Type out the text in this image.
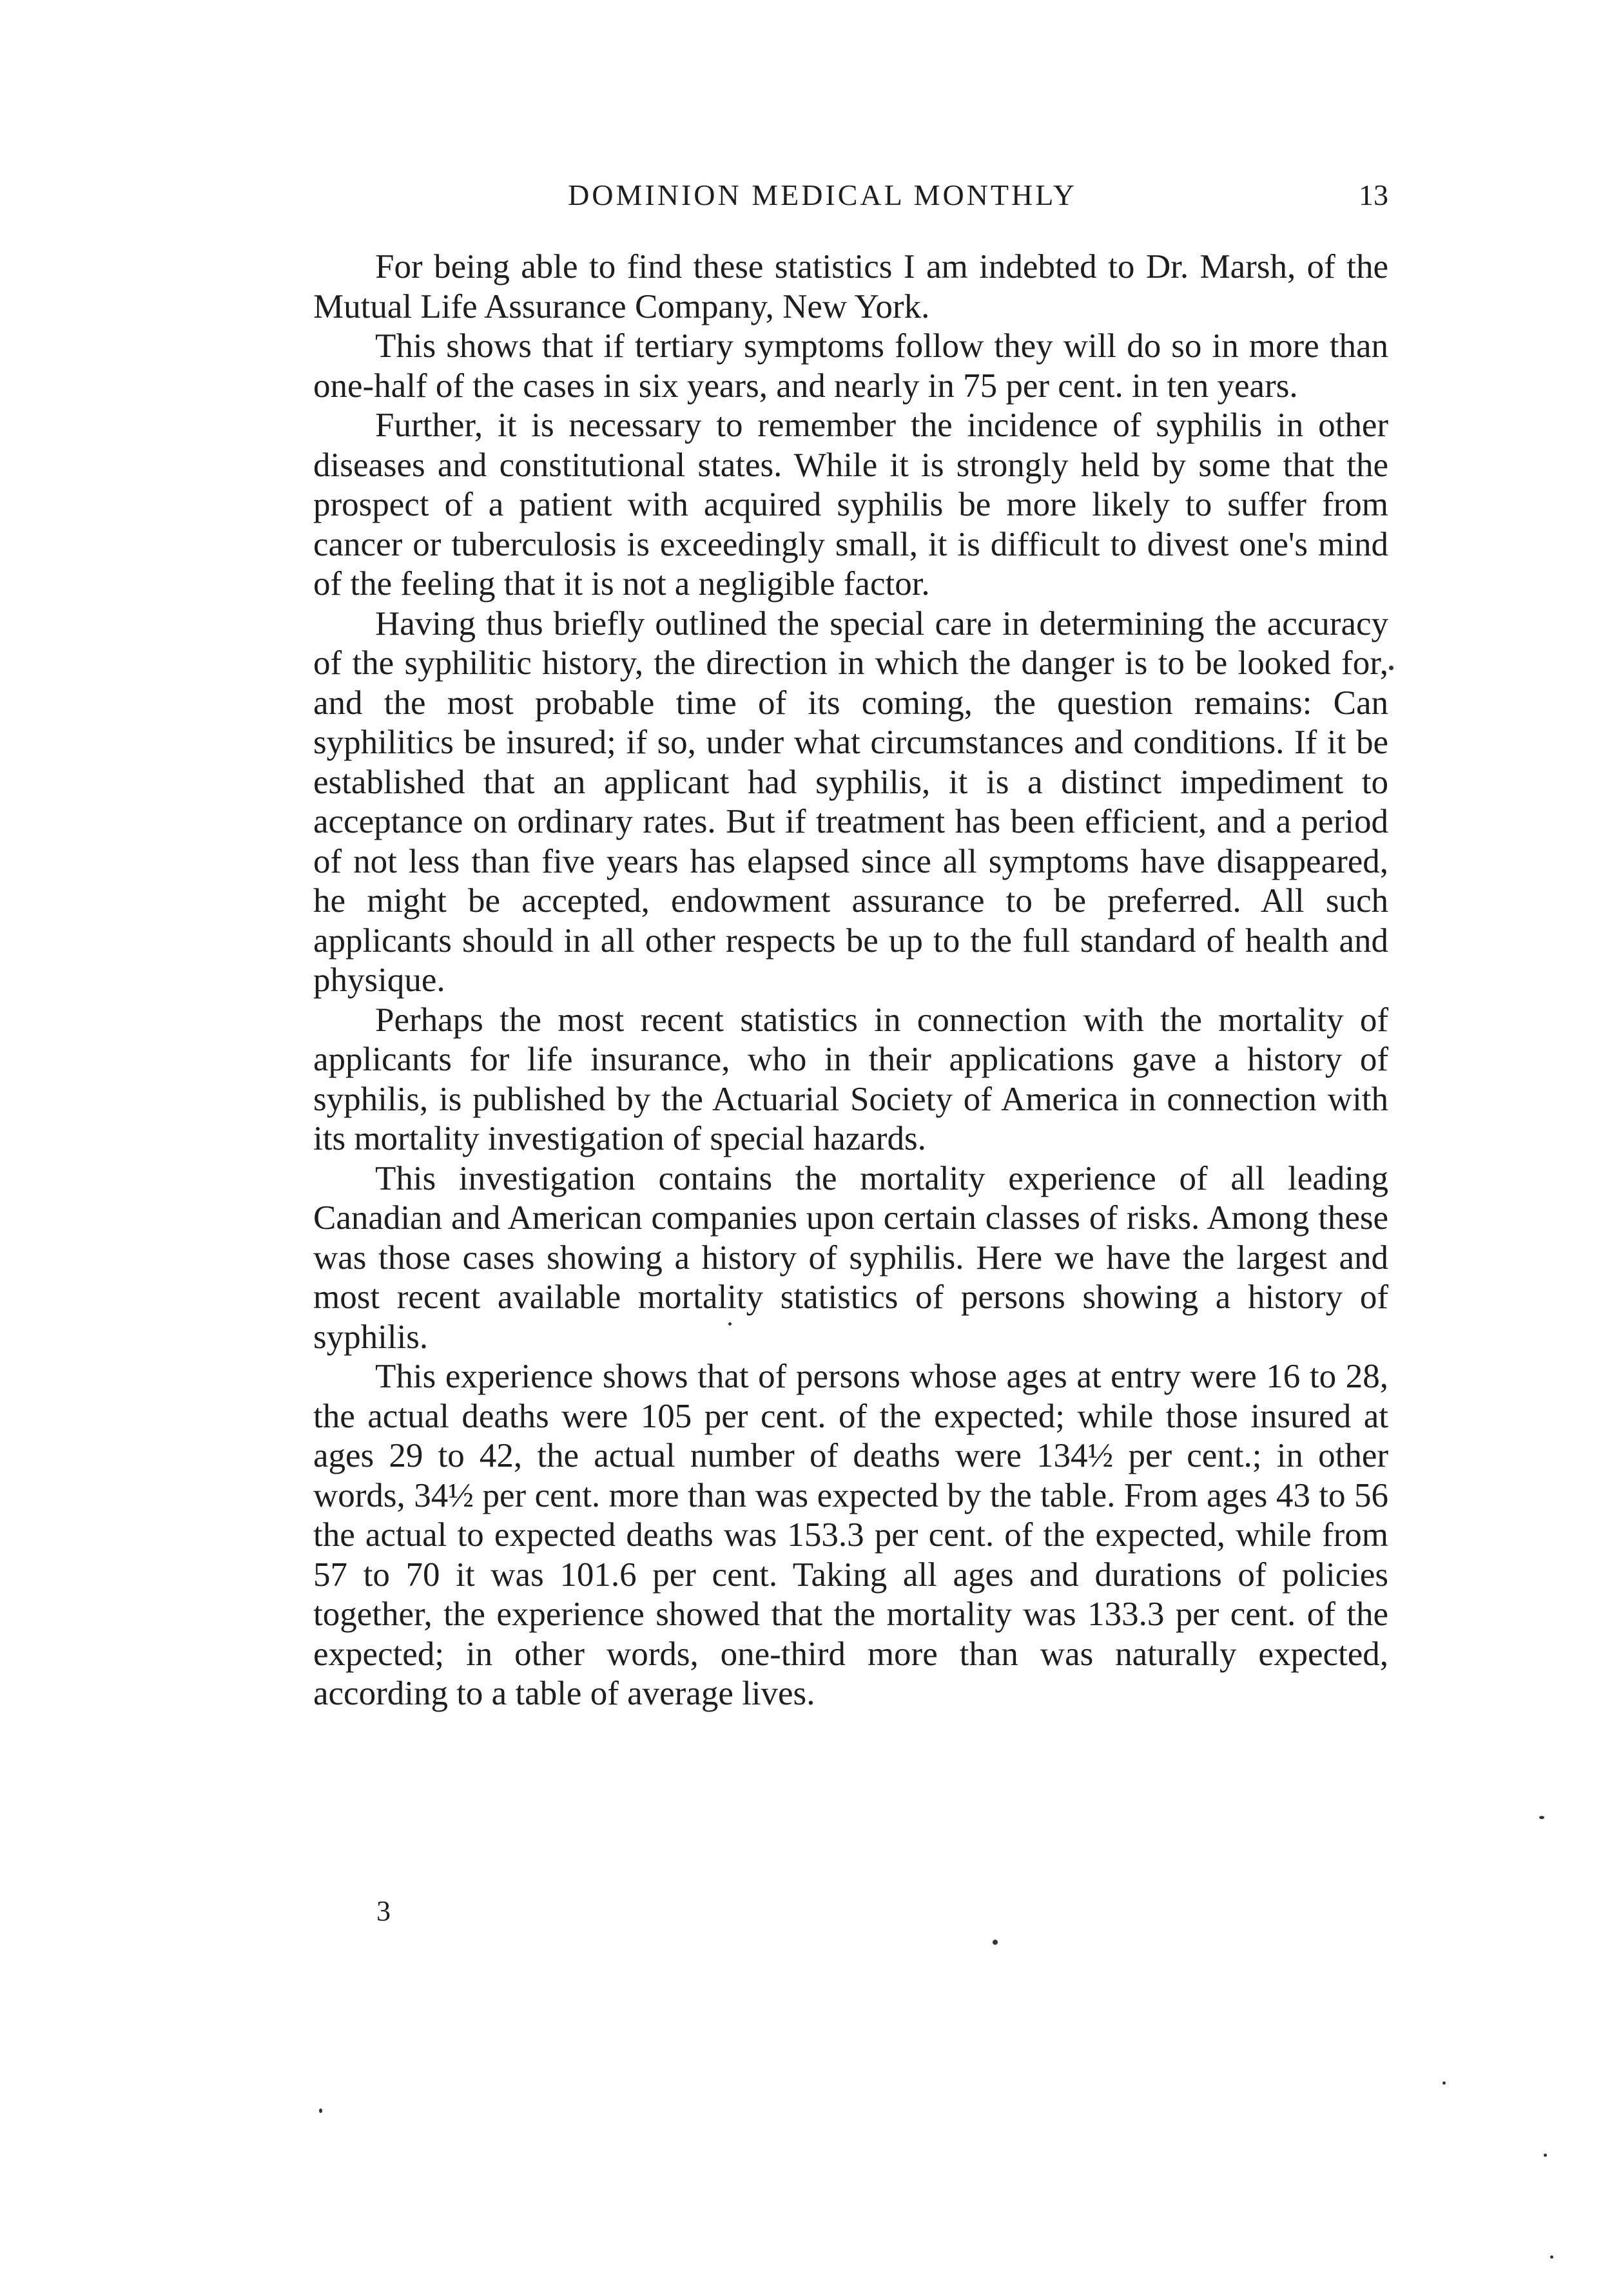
DOMINION MEDICAL MONTHLY	13

For being able to find these statistics I am indebted to Dr. Marsh, of the Mutual Life Assurance Company, New York.

This shows that if tertiary symptoms follow they will do so in more than one-half of the cases in six years, and nearly in 75 per cent. in ten years.

Further, it is necessary to remember the incidence of syphilis in other diseases and constitutional states. While it is strongly held by some that the prospect of a patient with acquired syphilis be more likely to suffer from cancer or tuberculosis is exceedingly small, it is difficult to divest one's mind of the feeling that it is not a negligible factor.

Having thus briefly outlined the special care in determining the accuracy of the syphilitic history, the direction in which the danger is to be looked for, and the most probable time of its coming, the question remains: Can syphilitics be insured; if so, under what circumstances and conditions. If it be established that an applicant had syphilis, it is a distinct impediment to acceptance on ordinary rates. But if treatment has been efficient, and a period of not less than five years has elapsed since all symptoms have disappeared, he might be accepted, endowment assurance to be preferred. All such applicants should in all other respects be up to the full standard of health and physique.

Perhaps the most recent statistics in connection with the mortality of applicants for life insurance, who in their applications gave a history of syphilis, is published by the Actuarial Society of America in connection with its mortality investigation of special hazards.

This investigation contains the mortality experience of all leading Canadian and American companies upon certain classes of risks. Among these was those cases showing a history of syphilis. Here we have the largest and most recent available mortality statistics of persons showing a history of syphilis.

This experience shows that of persons whose ages at entry were 16 to 28, the actual deaths were 105 per cent. of the expected; while those insured at ages 29 to 42, the actual number of deaths were 134½ per cent.; in other words, 34½ per cent. more than was expected by the table. From ages 43 to 56 the actual to expected deaths was 153.3 per cent. of the expected, while from 57 to 70 it was 101.6 per cent. Taking all ages and durations of policies together, the experience showed that the mortality was 133.3 per cent. of the expected; in other words, one-third more than was naturally expected, according to a table of average lives.

3
